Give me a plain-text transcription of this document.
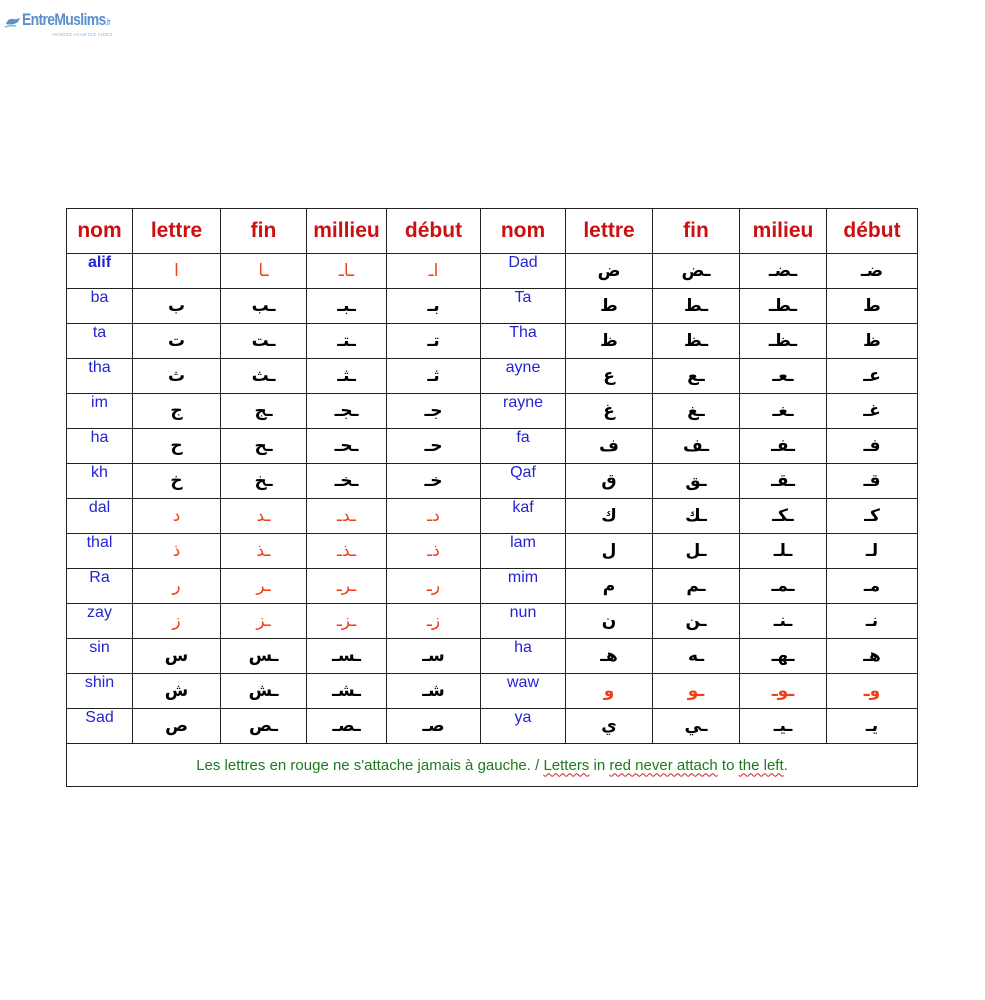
EntreMuslims.fr
VENDEZ ACHETEZ AIDEZ
nom	lettre	fin	millieu	début	nom	lettre	fin	milieu	début
alif	ا	ـا	ـاـ	اـ	Dad	ض	ـض	ـضـ	ضـ
ba	ب	ـب	ـبـ	بـ	Ta	ط	ـط	ـطـ	ط
ta	ت	ـت	ـتـ	تـ	Tha	ظ	ـظ	ـظـ	ظ
tha	ث	ـث	ـثـ	ثـ	ayne	ع	ـع	ـعـ	عـ
im	ج	ـج	ـجـ	جـ	rayne	غ	ـغ	ـغـ	غـ
ha	ح	ـح	ـحـ	حـ	fa	ف	ـف	ـفـ	فـ
kh	خ	ـخ	ـخـ	خـ	Qaf	ق	ـق	ـقـ	قـ
dal	د	ـد	ـدـ	دـ	kaf	ك	ـك	ـكـ	كـ
thal	ذ	ـذ	ـذـ	ذـ	lam	ل	ـل	ـلـ	لـ
Ra	ر	ـر	ـرـ	رـ	mim	م	ـم	ـمـ	مـ
zay	ز	ـز	ـزـ	زـ	nun	ن	ـن	ـنـ	نـ
sin	س	ـس	ـسـ	سـ	ha	هـ	ـه	ـهـ	هـ
shin	ش	ـش	ـشـ	شـ	waw	و	ـو	ـوـ	وـ
Sad	ص	ـص	ـصـ	صـ	ya	ي	ـي	ـيـ	يـ
Les lettres en rouge ne s'attache jamais à gauche. / Letters in red never attach to the left.									
